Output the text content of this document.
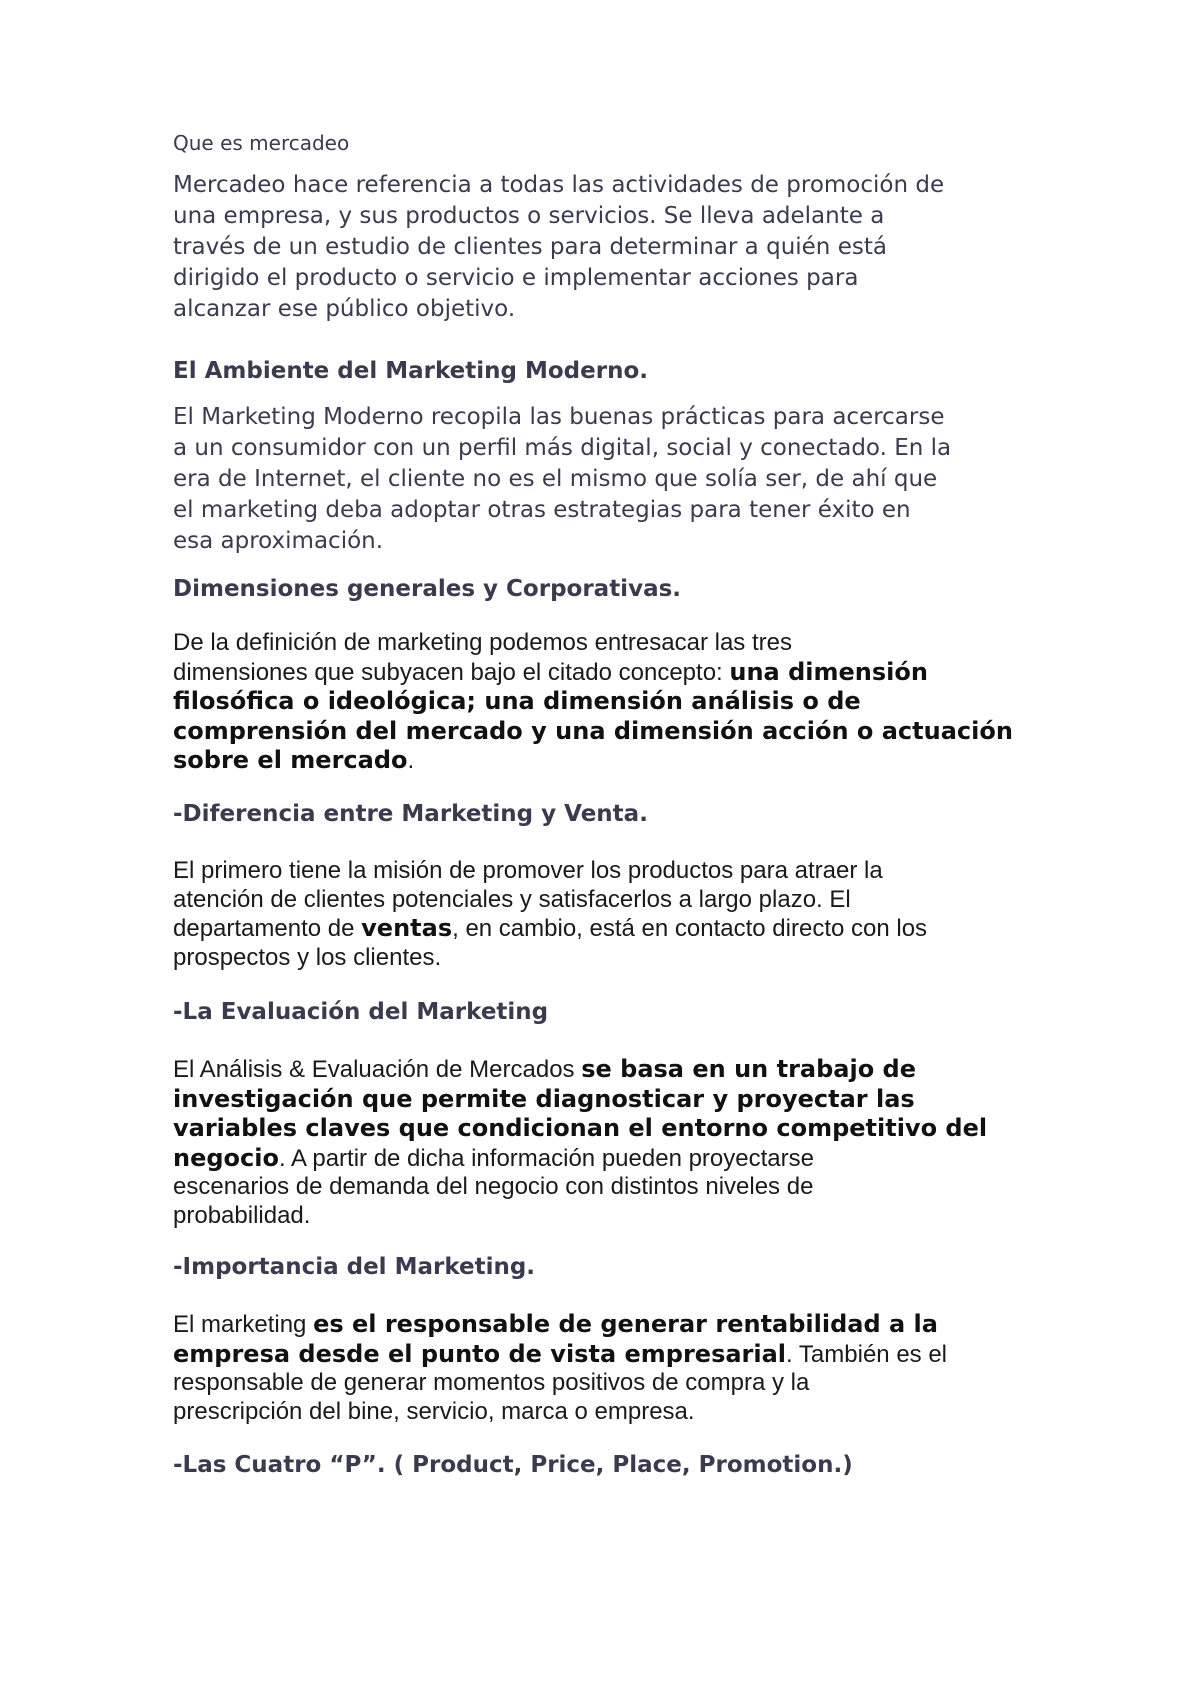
Que es mercadeo

Mercadeo hace referencia a todas las actividades de promoción de
una empresa, y sus productos o servicios. Se lleva adelante a
través de un estudio de clientes para determinar a quién está
dirigido el producto o servicio e implementar acciones para
alcanzar ese público objetivo.

El Ambiente del Marketing Moderno.

El Marketing Moderno recopila las buenas prácticas para acercarse
a un consumidor con un perfil más digital, social y conectado. En la
era de Internet, el cliente no es el mismo que solía ser, de ahí que
el marketing deba adoptar otras estrategias para tener éxito en
esa aproximación.

Dimensiones generales y Corporativas.

De la definición de marketing podemos entresacar las tres
dimensiones que subyacen bajo el citado concepto: una dimensión
filosófica o ideológica; una dimensión análisis o de
comprensión del mercado y una dimensión acción o actuación
sobre el mercado.

-Diferencia entre Marketing y Venta.

El primero tiene la misión de promover los productos para atraer la
atención de clientes potenciales y satisfacerlos a largo plazo. El
departamento de ventas, en cambio, está en contacto directo con los
prospectos y los clientes.

-La Evaluación del Marketing

El Análisis & Evaluación de Mercados se basa en un trabajo de
investigación que permite diagnosticar y proyectar las
variables claves que condicionan el entorno competitivo del
negocio. A partir de dicha información pueden proyectarse
escenarios de demanda del negocio con distintos niveles de
probabilidad.

-Importancia del Marketing.

El marketing es el responsable de generar rentabilidad a la
empresa desde el punto de vista empresarial. También es el
responsable de generar momentos positivos de compra y la
prescripción del bine, servicio, marca o empresa.

-Las Cuatro “P”. ( Product, Price, Place, Promotion.)
